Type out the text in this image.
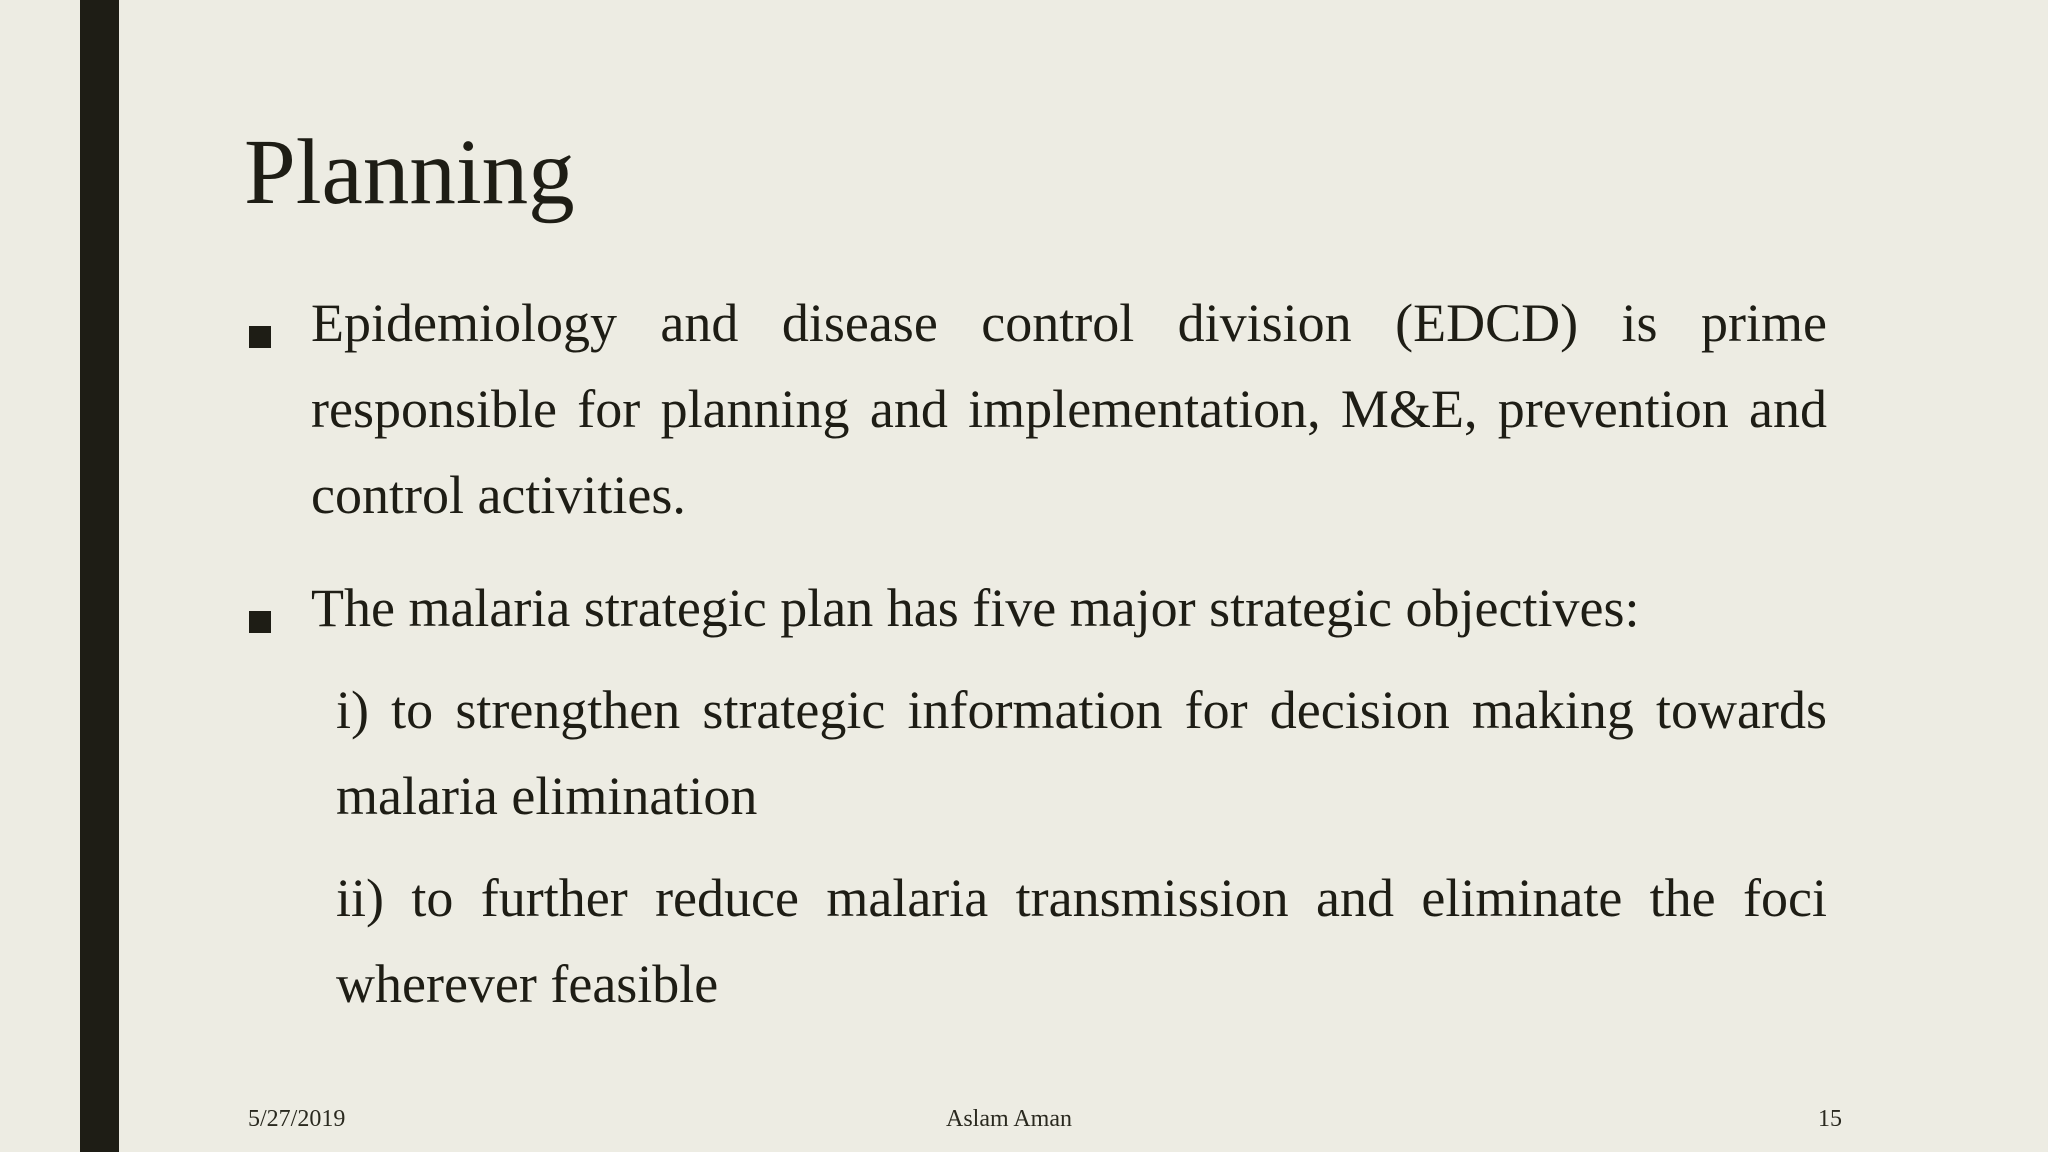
Planning
Epidemiology and disease control division (EDCD) is prime responsible for planning and implementation, M&E, prevention and control activities.
The malaria strategic plan has five major strategic objectives:
i) to strengthen strategic information for decision making towards malaria elimination
ii) to further reduce malaria transmission and eliminate the foci wherever feasible
5/27/2019	Aslam Aman	15
